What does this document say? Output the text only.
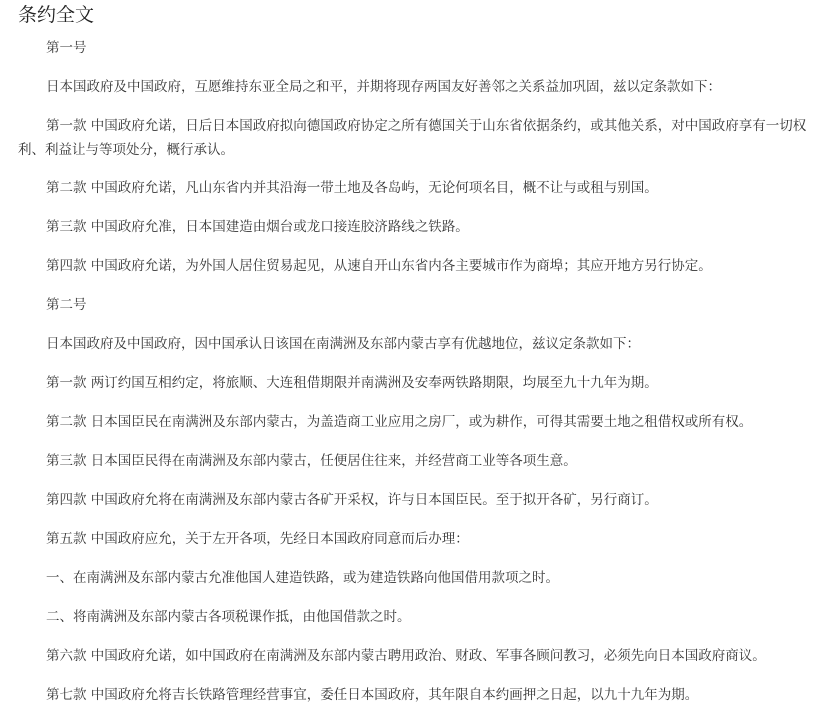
条约全文

第一号

日本国政府及中国政府，互愿维持东亚全局之和平，并期将现存两国友好善邻之关系益加巩固，兹以定条款如下：

第一款 中国政府允诺，日后日本国政府拟向德国政府协定之所有德国关于山东省依据条约，或其他关系，对中国政府享有一切权利、利益让与等项处分，概行承认。

第二款 中国政府允诺，凡山东省内并其沿海一带土地及各岛屿，无论何项名目，概不让与或租与别国。

第三款 中国政府允准，日本国建造由烟台或龙口接连胶济路线之铁路。

第四款 中国政府允诺，为外国人居住贸易起见，从速自开山东省内各主要城市作为商埠；其应开地方另行协定。

第二号

日本国政府及中国政府，因中国承认日该国在南满洲及东部内蒙古享有优越地位，兹议定条款如下：

第一款 两订约国互相约定，将旅顺、大连租借期限并南满洲及安奉两铁路期限，均展至九十九年为期。

第二款 日本国臣民在南满洲及东部内蒙古，为盖造商工业应用之房厂，或为耕作，可得其需要土地之租借权或所有权。

第三款 日本国臣民得在南满洲及东部内蒙古，任便居住往来，并经营商工业等各项生意。

第四款 中国政府允将在南满洲及东部内蒙古各矿开采权，许与日本国臣民。至于拟开各矿，另行商订。

第五款 中国政府应允，关于左开各项，先经日本国政府同意而后办理：

一、在南满洲及东部内蒙古允准他国人建造铁路，或为建造铁路向他国借用款项之时。

二、将南满洲及东部内蒙古各项税课作抵，由他国借款之时。

第六款 中国政府允诺，如中国政府在南满洲及东部内蒙古聘用政治、财政、军事各顾问教习，必须先向日本国政府商议。

第七款 中国政府允将吉长铁路管理经营事宜，委任日本国政府，其年限自本约画押之日起，以九十九年为期。
